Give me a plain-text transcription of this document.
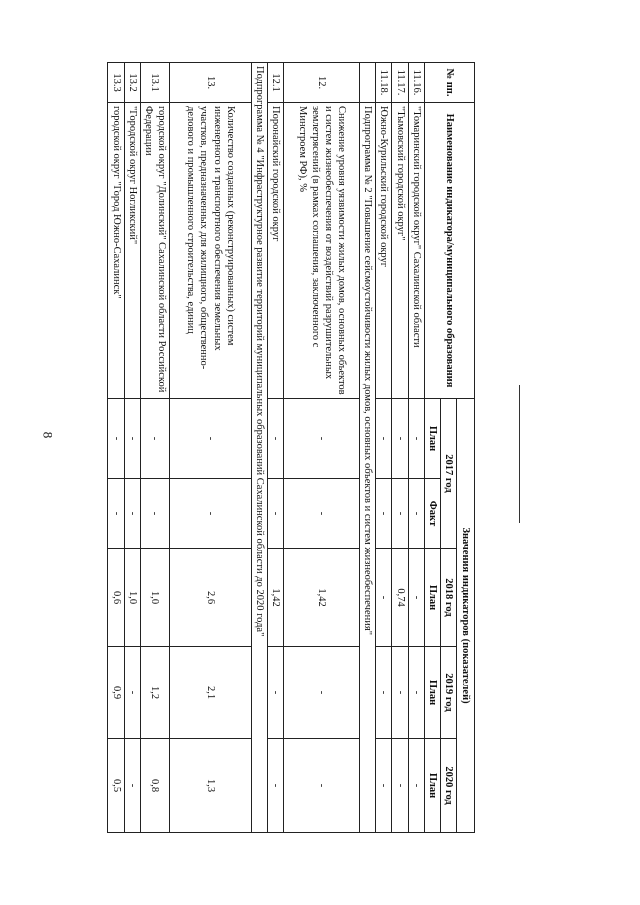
8
№ пп.	Наименование индикатора/муниципального образования	Значения индикаторов (показателей)				
		2017 год		2018 год	2019 год	2020 год
		План	Факт	План	План	План
11.16.	"Томаринский городской округ" Сахалинской области	-	-	-	-	-
11.17.	"Тымовский городской округ"	-	-	0,74	-	-
11.18.	Южно-Курильский городской округ	-	-	-	-	-
	Подпрограмма № 2 "Повышение сейсмоустойчивости жилых домов, основных объектов и систем жизнеобеспечения"					
12.	Снижение уровня уязвимости жилых домов, основных объектов и систем жизнеобеспечения от воздействий разрушительных землетрясений (в рамках соглашения, заключенного с Минстроем РФ), %	-	-	1,42	-	-
12.1	Поронайский городской округ	-	-	1,42	-	-
Подпрограмма № 4 "Инфраструктурное развитие территорий муниципальных образований Сахалинской области до 2020 года"						
13.	Количество созданных (реконструированных) систем инженерного и транспортного обеспечения земельных участков, предназначенных для жилищного, общественно-делового и промышленного строительства, единиц	-	-	2,6	2,1	1,3
13.1	городской округ "Долинский" Сахалинской области Российской Федерации	-	-	1,0	1,2	0,8
13.2	"Городской округ Ногликский"	-	-	1,0	-	-
13.3	городской округ "Город Южно-Сахалинск"	-	-	0,6	0,9	0,5
